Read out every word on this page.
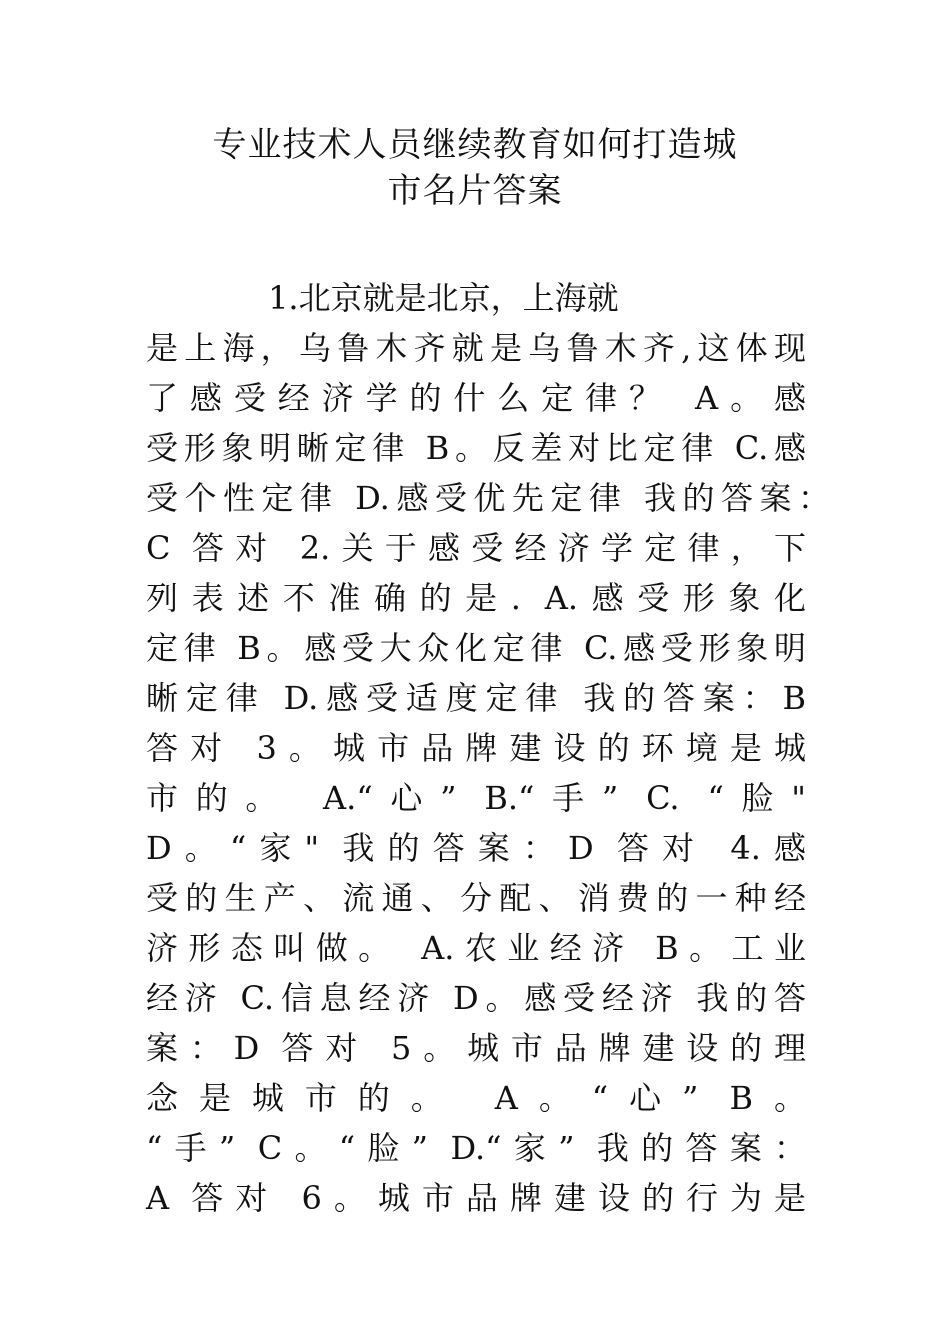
专业技术人员继续教育如何打造城
市名片答案
1.北京就是北京，上海就
是上海，乌鲁木齐就是乌鲁木齐,这体现
了感受经济学的什么定律？ A。感
受形象明晰定律 B。反差对比定律 C.感
受个性定律 D.感受优先定律 我的答案：
C 答对 2.关于感受经济学定律，下
列表述不准确的是. A.感受形象化
定律 B。感受大众化定律 C.感受形象明
晰定律 D.感受适度定律 我的答案：B
答对 3。城市品牌建设的环境是城
市的。 A.“心” B.“手” C. “脸"
D。“家" 我的答案：D 答对 4.感
受的生产、流通、分配、消费的一种经
济形态叫做。 A.农业经济 B。工业
经济 C.信息经济 D。感受经济 我的答
案：D 答对 5。城市品牌建设的理
念是城市的。 A。“心” B。
“手” C。“脸” D.“家” 我的答案：
A 答对 6。城市品牌建设的行为是
